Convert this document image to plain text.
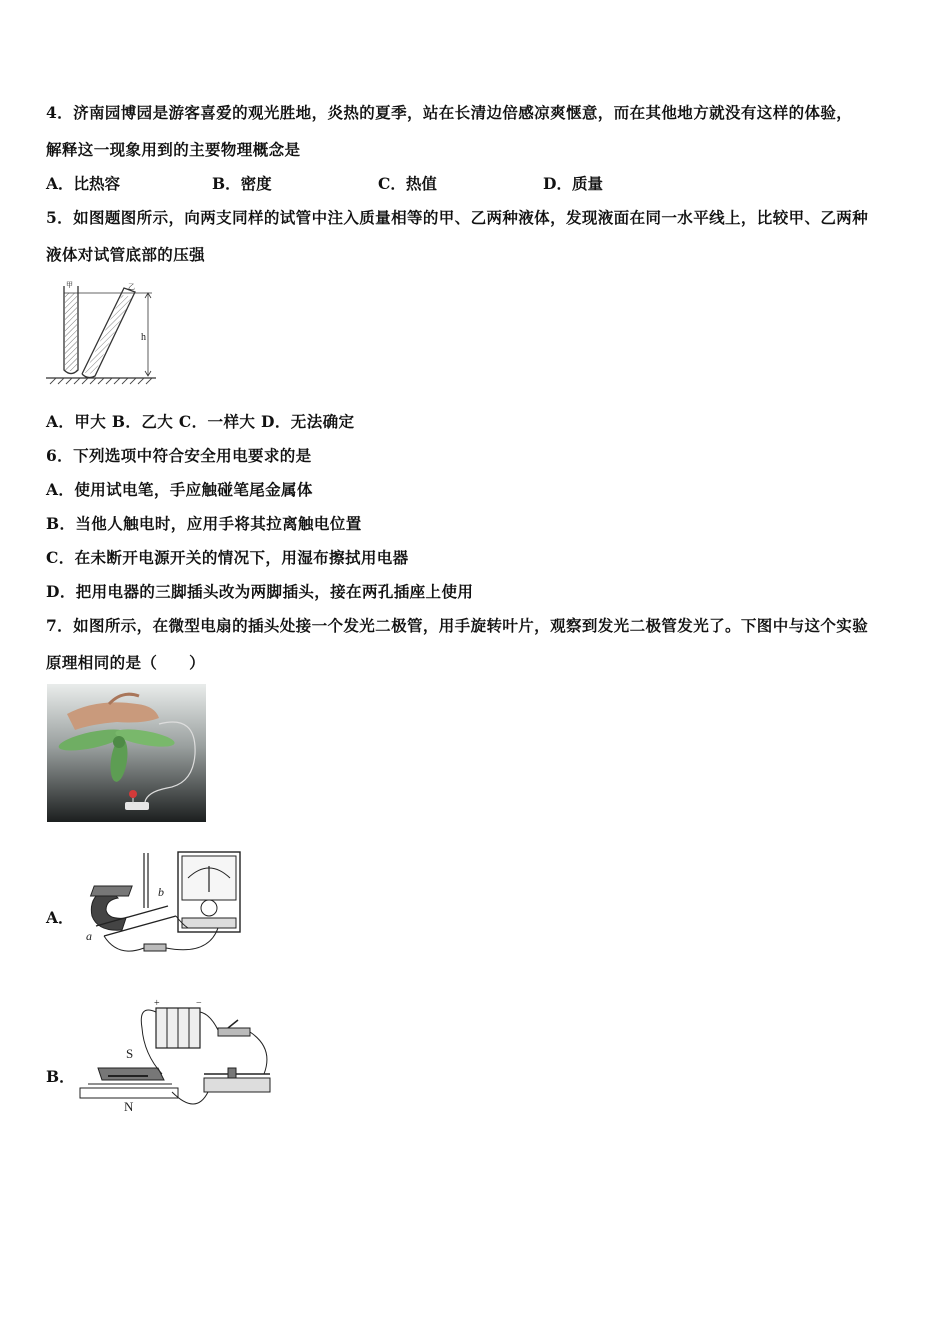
4．济南园博园是游客喜爱的观光胜地，炎热的夏季，站在长清边倍感凉爽惬意，而在其他地方就没有这样的体验，
解释这一现象用到的主要物理概念是
A．比热容	B．密度	C．热值	D．质量
5．如图题图所示，向两支同样的试管中注入质量相等的甲、乙两种液体，发现液面在同一水平线上，比较甲、乙两种
液体对试管底部的压强
h
甲	乙
A．甲大 B．乙大 C．一样大 D．无法确定
6．下列选项中符合安全用电要求的是
A．使用试电笔，手应触碰笔尾金属体
B．当他人触电时，应用手将其拉离触电位置
C．在未断开电源开关的情况下，用湿布擦拭用电器
D．把用电器的三脚插头改为两脚插头，接在两孔插座上使用
7．如图所示，在微型电扇的插头处接一个发光二极管，用手旋转叶片，观察到发光二极管发光了。下图中与这个实验
原理相同的是（　　）
A．
a
b
B．
+	−
S
N
